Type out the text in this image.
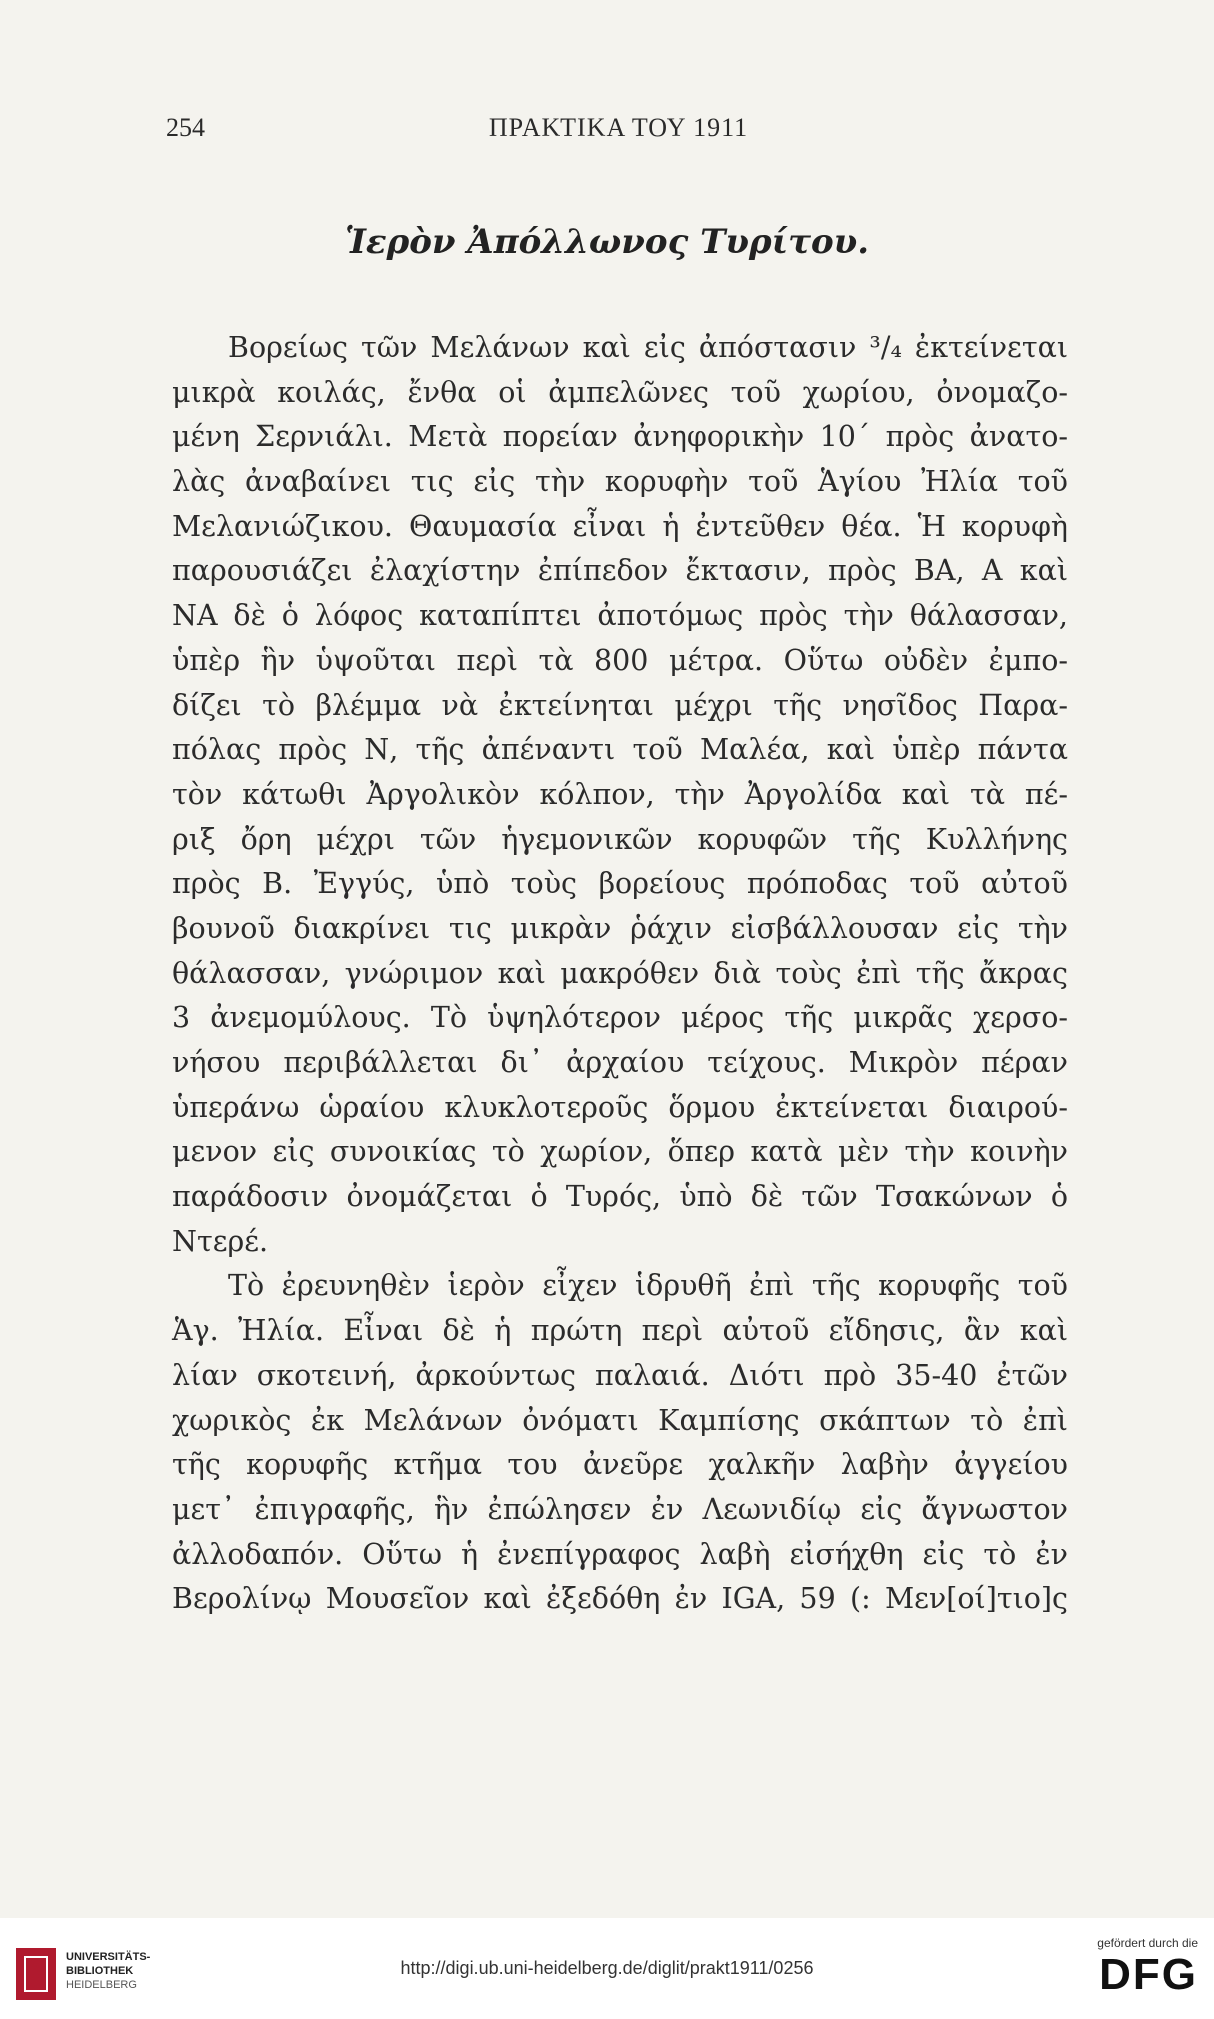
254	ΠΡΑΚΤΙΚΑ ΤΟΥ 1911
Ἱερὸν Ἀπόλλωνος Τυρίτου.
Βορείως τῶν Μελάνων καὶ εἰς ἀπόστασιν ³/₄ ἐκτείνεται
μικρὰ κοιλάς, ἔνθα οἱ ἀμπελῶνες τοῦ χωρίου, ὀνομαζο-
μένη Σερνιάλι. Μετὰ πορείαν ἀνηφορικὴν 10΄ πρὸς ἀνατο-
λὰς ἀναβαίνει τις εἰς τὴν κορυφὴν τοῦ Ἁγίου Ἠλία τοῦ
Μελανιώζικου. Θαυμασία εἶναι ἡ ἐντεῦθεν θέα. Ἡ κορυφὴ
παρουσιάζει ἐλαχίστην ἐπίπεδον ἔκτασιν, πρὸς ΒΑ, Α καὶ
ΝΑ δὲ ὁ λόφος καταπίπτει ἀποτόμως πρὸς τὴν θάλασσαν,
ὑπὲρ ἣν ὑψοῦται περὶ τὰ 800 μέτρα. Οὕτω οὐδὲν ἐμπο-
δίζει τὸ βλέμμα νὰ ἐκτείνηται μέχρι τῆς νησῖδος Παρα-
πόλας πρὸς Ν, τῆς ἀπέναντι τοῦ Μαλέα, καὶ ὑπὲρ πάντα
τὸν κάτωθι Ἀργολικὸν κόλπον, τὴν Ἀργολίδα καὶ τὰ πέ-
ριξ ὄρη μέχρι τῶν ἡγεμονικῶν κορυφῶν τῆς Κυλλήνης
πρὸς Β. Ἐγγύς, ὑπὸ τοὺς βορείους πρόποδας τοῦ αὐτοῦ
βουνοῦ διακρίνει τις μικρὰν ῥάχιν εἰσβάλλουσαν εἰς τὴν
θάλασσαν, γνώριμον καὶ μακρόθεν διὰ τοὺς ἐπὶ τῆς ἄκρας
3 ἀνεμομύλους. Τὸ ὑψηλότερον μέρος τῆς μικρᾶς χερσο-
νήσου περιβάλλεται δι᾿ ἀρχαίου τείχους. Μικρὸν πέραν
ὑπεράνω ὡραίου κλυκλοτεροῦς ὅρμου ἐκτείνεται διαιρού-
μενον εἰς συνοικίας τὸ χωρίον, ὅπερ κατὰ μὲν τὴν κοινὴν
παράδοσιν ὀνομάζεται ὁ Τυρός, ὑπὸ δὲ τῶν Τσακώνων ὁ
Ντερέ.
Τὸ ἐρευνηθὲν ἱερὸν εἶχεν ἱδρυθῆ ἐπὶ τῆς κορυφῆς τοῦ
Ἁγ. Ἠλία. Εἶναι δὲ ἡ πρώτη περὶ αὐτοῦ εἴδησις, ἂν καὶ
λίαν σκοτεινή, ἀρκούντως παλαιά. Διότι πρὸ 35-40 ἐτῶν
χωρικὸς ἐκ Μελάνων ὀνόματι Καμπίσης σκάπτων τὸ ἐπὶ
τῆς κορυφῆς κτῆμα του ἀνεῦρε χαλκῆν λαβὴν ἀγγείου
μετ᾿ ἐπιγραφῆς, ἣν ἐπώλησεν ἐν Λεωνιδίῳ εἰς ἄγνωστον
ἀλλοδαπόν. Οὕτω ἡ ἐνεπίγραφος λαβὴ εἰσήχθη εἰς τὸ ἐν
Βερολίνῳ Μουσεῖον καὶ ἐξεδόθη ἐν IGA, 59 (: Μεν[οί]τιο]ς
UNIVERSITÄTS-
BIBLIOTHEK
HEIDELBERG
http://digi.ub.uni-heidelberg.de/diglit/prakt1911/0256
gefördert durch die
DFG
